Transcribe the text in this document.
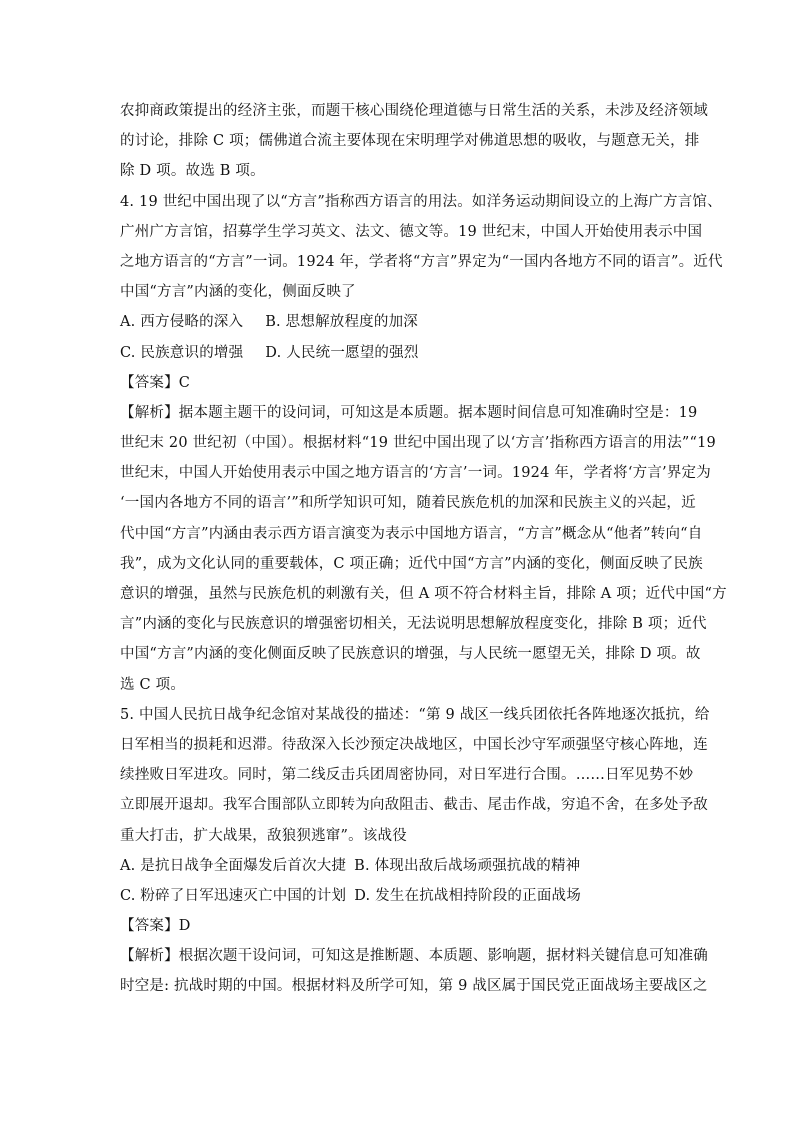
农抑商政策提出的经济主张，而题干核心围绕伦理道德与日常生活的关系，未涉及经济领域
的讨论，排除 C 项；儒佛道合流主要体现在宋明理学对佛道思想的吸收，与题意无关，排
除 D 项。故选 B 项。
4. 19 世纪中国出现了以“方言”指称西方语言的用法。如洋务运动期间设立的上海广方言馆、
广州广方言馆，招募学生学习英文、法文、德文等。19 世纪末，中国人开始使用表示中国
之地方语言的“方言”一词。1924 年，学者将“方言”界定为“一国内各地方不同的语言”。近代
中国“方言”内涵的变化，侧面反映了
A. 西方侵略的深入 B. 思想解放程度的加深
C. 民族意识的增强 D. 人民统一愿望的强烈
【答案】C
【解析】据本题主题干的设问词，可知这是本质题。据本题时间信息可知准确时空是：19
世纪末 20 世纪初（中国）。根据材料“19 世纪中国出现了以‘方言’指称西方语言的用法”“19
世纪末，中国人开始使用表示中国之地方语言的‘方言’一词。1924 年，学者将‘方言’界定为
‘一国内各地方不同的语言’”和所学知识可知，随着民族危机的加深和民族主义的兴起，近
代中国“方言”内涵由表示西方语言演变为表示中国地方语言，“方言”概念从“他者”转向“自
我”，成为文化认同的重要载体，C 项正确；近代中国“方言”内涵的变化，侧面反映了民族
意识的增强，虽然与民族危机的刺激有关，但 A 项不符合材料主旨，排除 A 项；近代中国“方
言”内涵的变化与民族意识的增强密切相关，无法说明思想解放程度变化，排除 B 项；近代
中国“方言”内涵的变化侧面反映了民族意识的增强，与人民统一愿望无关，排除 D 项。故
选 C 项。
5. 中国人民抗日战争纪念馆对某战役的描述：“第 9 战区一线兵团依托各阵地逐次抵抗，给
日军相当的损耗和迟滞。待敌深入长沙预定决战地区，中国长沙守军顽强坚守核心阵地，连
续挫败日军进攻。同时，第二线反击兵团周密协同，对日军进行合围。……日军见势不妙
立即展开退却。我军合围部队立即转为向敌阻击、截击、尾击作战，穷追不舍，在多处予敌
重大打击，扩大战果，敌狼狈逃窜”。该战役
A. 是抗日战争全面爆发后首次大捷 B. 体现出敌后战场顽强抗战的精神
C. 粉碎了日军迅速灭亡中国的计划 D. 发生在抗战相持阶段的正面战场
【答案】D
【解析】根据次题干设问词，可知这是推断题、本质题、影响题，据材料关键信息可知准确
时空是: 抗战时期的中国。根据材料及所学可知，第 9 战区属于国民党正面战场主要战区之
